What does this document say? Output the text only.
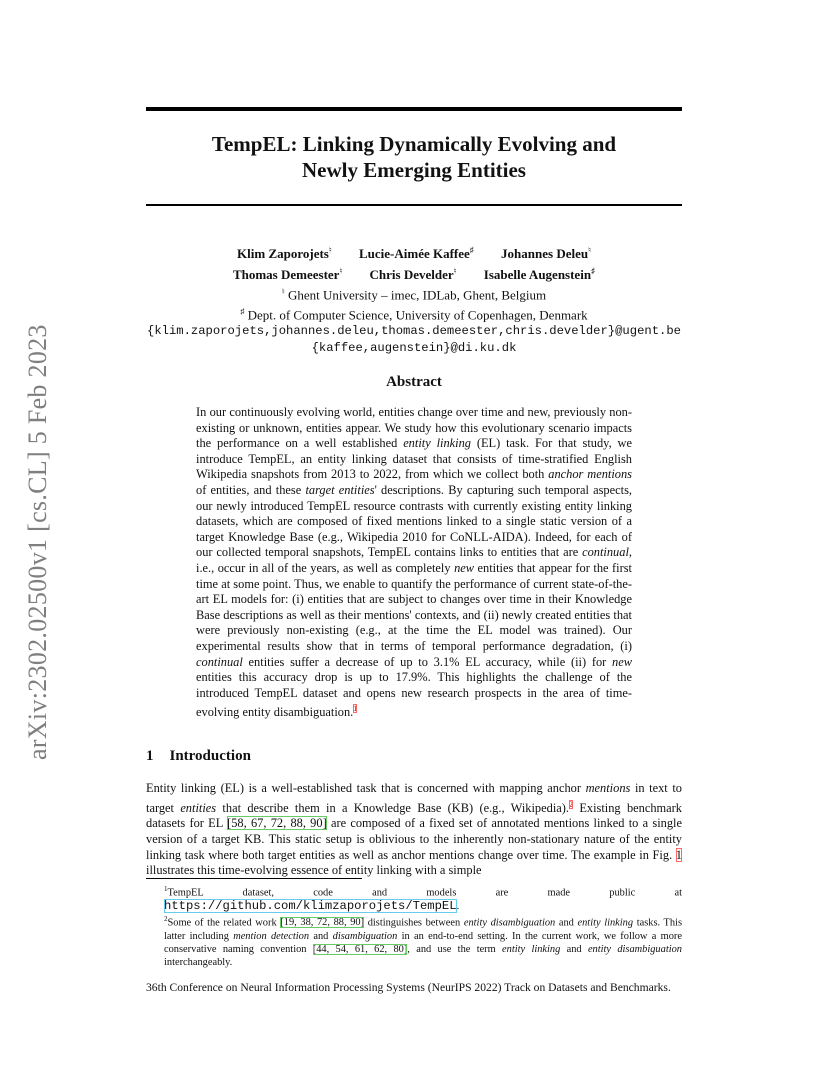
arXiv:2302.02500v1 [cs.CL] 5 Feb 2023
TempEL: Linking Dynamically Evolving and
Newly Emerging Entities
Klim Zaporojets♮ Lucie-Aimée Kaffee♯ Johannes Deleu♮
Thomas Demeester♮ Chris Develder♮ Isabelle Augenstein♯
♮ Ghent University – imec, IDLab, Ghent, Belgium
♯ Dept. of Computer Science, University of Copenhagen, Denmark
{klim.zaporojets,johannes.deleu,thomas.demeester,chris.develder}@ugent.be
{kaffee,augenstein}@di.ku.dk
Abstract

In our continuously evolving world, entities change over time and new, previously non-existing or unknown, entities appear. We study how this evolutionary scenario impacts the performance on a well established entity linking (EL) task. For that study, we introduce TempEL, an entity linking dataset that consists of time-stratified English Wikipedia snapshots from 2013 to 2022, from which we collect both anchor mentions of entities, and these target entities' descriptions. By capturing such temporal aspects, our newly introduced TempEL resource contrasts with currently existing entity linking datasets, which are composed of fixed mentions linked to a single static version of a target Knowledge Base (e.g., Wikipedia 2010 for CoNLL-AIDA). Indeed, for each of our collected temporal snapshots, TempEL contains links to entities that are continual, i.e., occur in all of the years, as well as completely new entities that appear for the first time at some point. Thus, we enable to quantify the performance of current state-of-the-art EL models for: (i) entities that are subject to changes over time in their Knowledge Base descriptions as well as their mentions' contexts, and (ii) newly created entities that were previously non-existing (e.g., at the time the EL model was trained). Our experimental results show that in terms of temporal performance degradation, (i) continual entities suffer a decrease of up to 3.1% EL accuracy, while (ii) for new entities this accuracy drop is up to 17.9%. This highlights the challenge of the introduced TempEL dataset and opens new research prospects in the area of time-evolving entity disambiguation.$^1$

1 Introduction

Entity linking (EL) is a well-established task that is concerned with mapping anchor mentions in text to target entities that describe them in a Knowledge Base (KB) (e.g., Wikipedia).$^2$ Existing benchmark datasets for EL [58, 67, 72, 88, 90] are composed of a fixed set of annotated mentions linked to a single version of a target KB. This static setup is oblivious to the inherently non-stationary nature of the entity linking task where both target entities as well as anchor mentions change over time. The example in Fig. 1 illustrates this time-evolving essence of entity linking with a simple

$^1$TempEL dataset, code and models are made public at https://github.com/klimzaporojets/TempEL.

$^2$Some of the related work [19, 38, 72, 88, 90] distinguishes between entity disambiguation and entity linking tasks. This latter including mention detection and disambiguation in an end-to-end setting. In the current work, we follow a more conservative naming convention [44, 54, 61, 62, 80], and use the term entity linking and entity disambiguation interchangeably.

36th Conference on Neural Information Processing Systems (NeurIPS 2022) Track on Datasets and Benchmarks.
